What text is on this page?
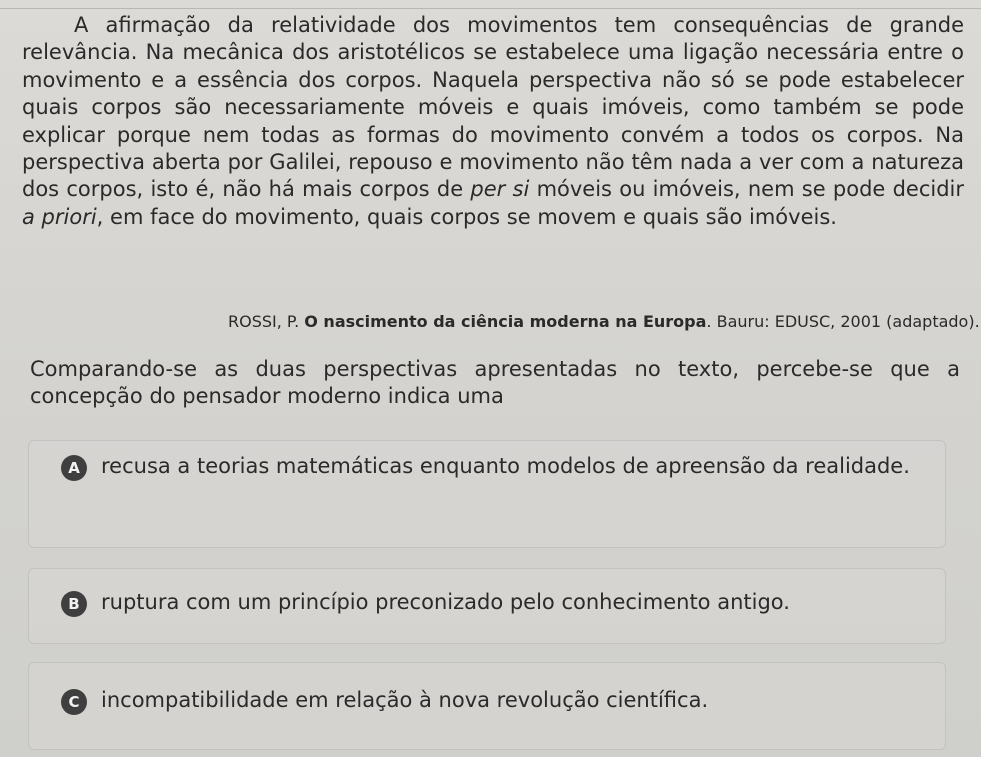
A afirmação da relatividade dos movimentos tem consequências de grande relevância. Na mecânica dos aristotélicos se estabelece uma ligação necessária entre o movimento e a essência dos corpos. Naquela perspectiva não só se pode estabelecer quais corpos são necessariamente móveis e quais imóveis, como também se pode explicar porque nem todas as formas do movimento convém a todos os corpos. Na perspectiva aberta por Galilei, repouso e movimento não têm nada a ver com a natureza dos corpos, isto é, não há mais corpos de per si móveis ou imóveis, nem se pode decidir a priori, em face do movimento, quais corpos se movem e quais são imóveis.

ROSSI, P. O nascimento da ciência moderna na Europa. Bauru: EDUSC, 2001 (adaptado).

Comparando-se as duas perspectivas apresentadas no texto, percebe-se que a concepção do pensador moderno indica uma

A	recusa a teorias matemáticas enquanto modelos de apreensão da realidade.

B	ruptura com um princípio preconizado pelo conhecimento antigo.

C	incompatibilidade em relação à nova revolução científica.
